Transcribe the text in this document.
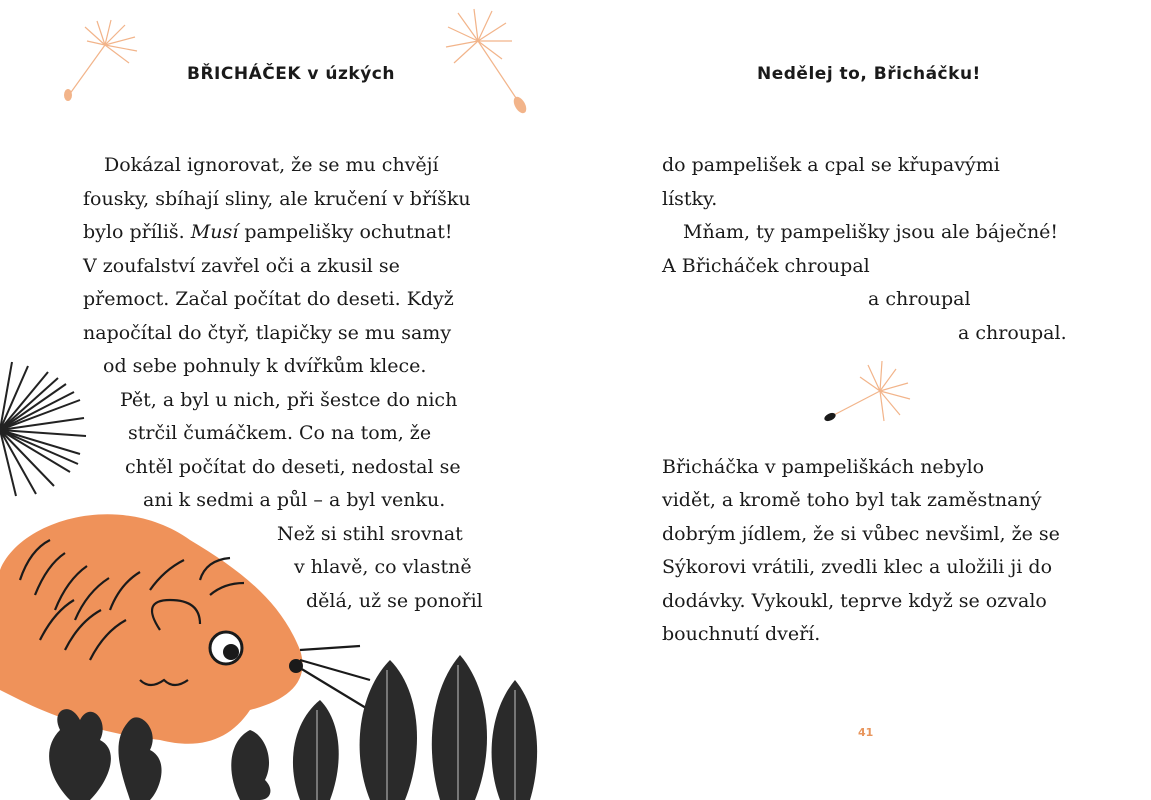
BŘICHÁČEK v úzkých
Dokázal ignorovat, že se mu chvějí
fousky, sbíhají sliny, ale kručení v bříšku
bylo příliš. Musí pampelišky ochutnat!
V zoufalství zavřel oči a zkusil se
přemoct. Začal počítat do deseti. Když
napočítal do čtyř, tlapičky se mu samy
od sebe pohnuly k dvířkům klece.
Pět, a byl u nich, při šestce do nich
strčil čumáčkem. Co na tom, že
chtěl počítat do deseti, nedostal se
ani k sedmi a půl – a byl venku.
Než si stihl srovnat
v hlavě, co vlastně
dělá, už se ponořil
Nedělej to, Břicháčku!
do pampelišek a cpal se křupavými
lístky.
Mňam, ty pampelišky jsou ale báječné!
A Břicháček chroupal
a chroupal
a chroupal.
Břicháčka v pampeliškách nebylo
vidět, a kromě toho byl tak zaměstnaný
dobrým jídlem, že si vůbec nevšiml, že se
Sýkorovi vrátili, zvedli klec a uložili ji do
dodávky. Vykoukl, teprve když se ozvalo
bouchnutí dveří.
41
